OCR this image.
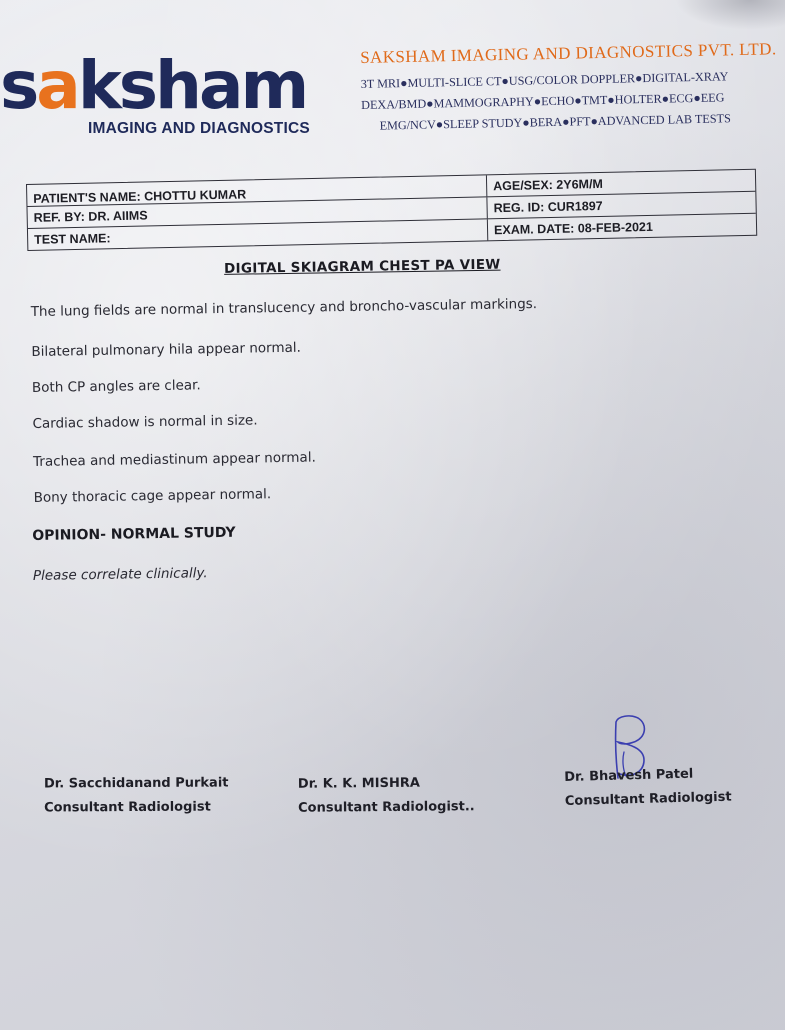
saksham
IMAGING AND DIAGNOSTICS
SAKSHAM IMAGING AND DIAGNOSTICS PVT. LTD.
3T MRI●MULTI-SLICE CT●USG/COLOR DOPPLER●DIGITAL-XRAY
DEXA/BMD●MAMMOGRAPHY●ECHO●TMT●HOLTER●ECG●EEG
EMG/NCV●SLEEP STUDY●BERA●PFT●ADVANCED LAB TESTS
PATIENT'S NAME: CHOTTU KUMAR
AGE/SEX: 2Y6M/M
REF. BY: DR. AIIMS
REG. ID: CUR1897
TEST NAME:
EXAM. DATE: 08-FEB-2021
DIGITAL SKIAGRAM CHEST PA VIEW
The lung fields are normal in translucency and broncho-vascular markings.
Bilateral pulmonary hila appear normal.
Both CP angles are clear.
Cardiac shadow is normal in size.
Trachea and mediastinum appear normal.
Bony thoracic cage appear normal.
OPINION- NORMAL STUDY
Please correlate clinically.
Dr. Sacchidanand Purkait
Consultant Radiologist
Dr. K. K. MISHRA
Consultant Radiologist..
Dr. Bhavesh Patel
Consultant Radiologist
